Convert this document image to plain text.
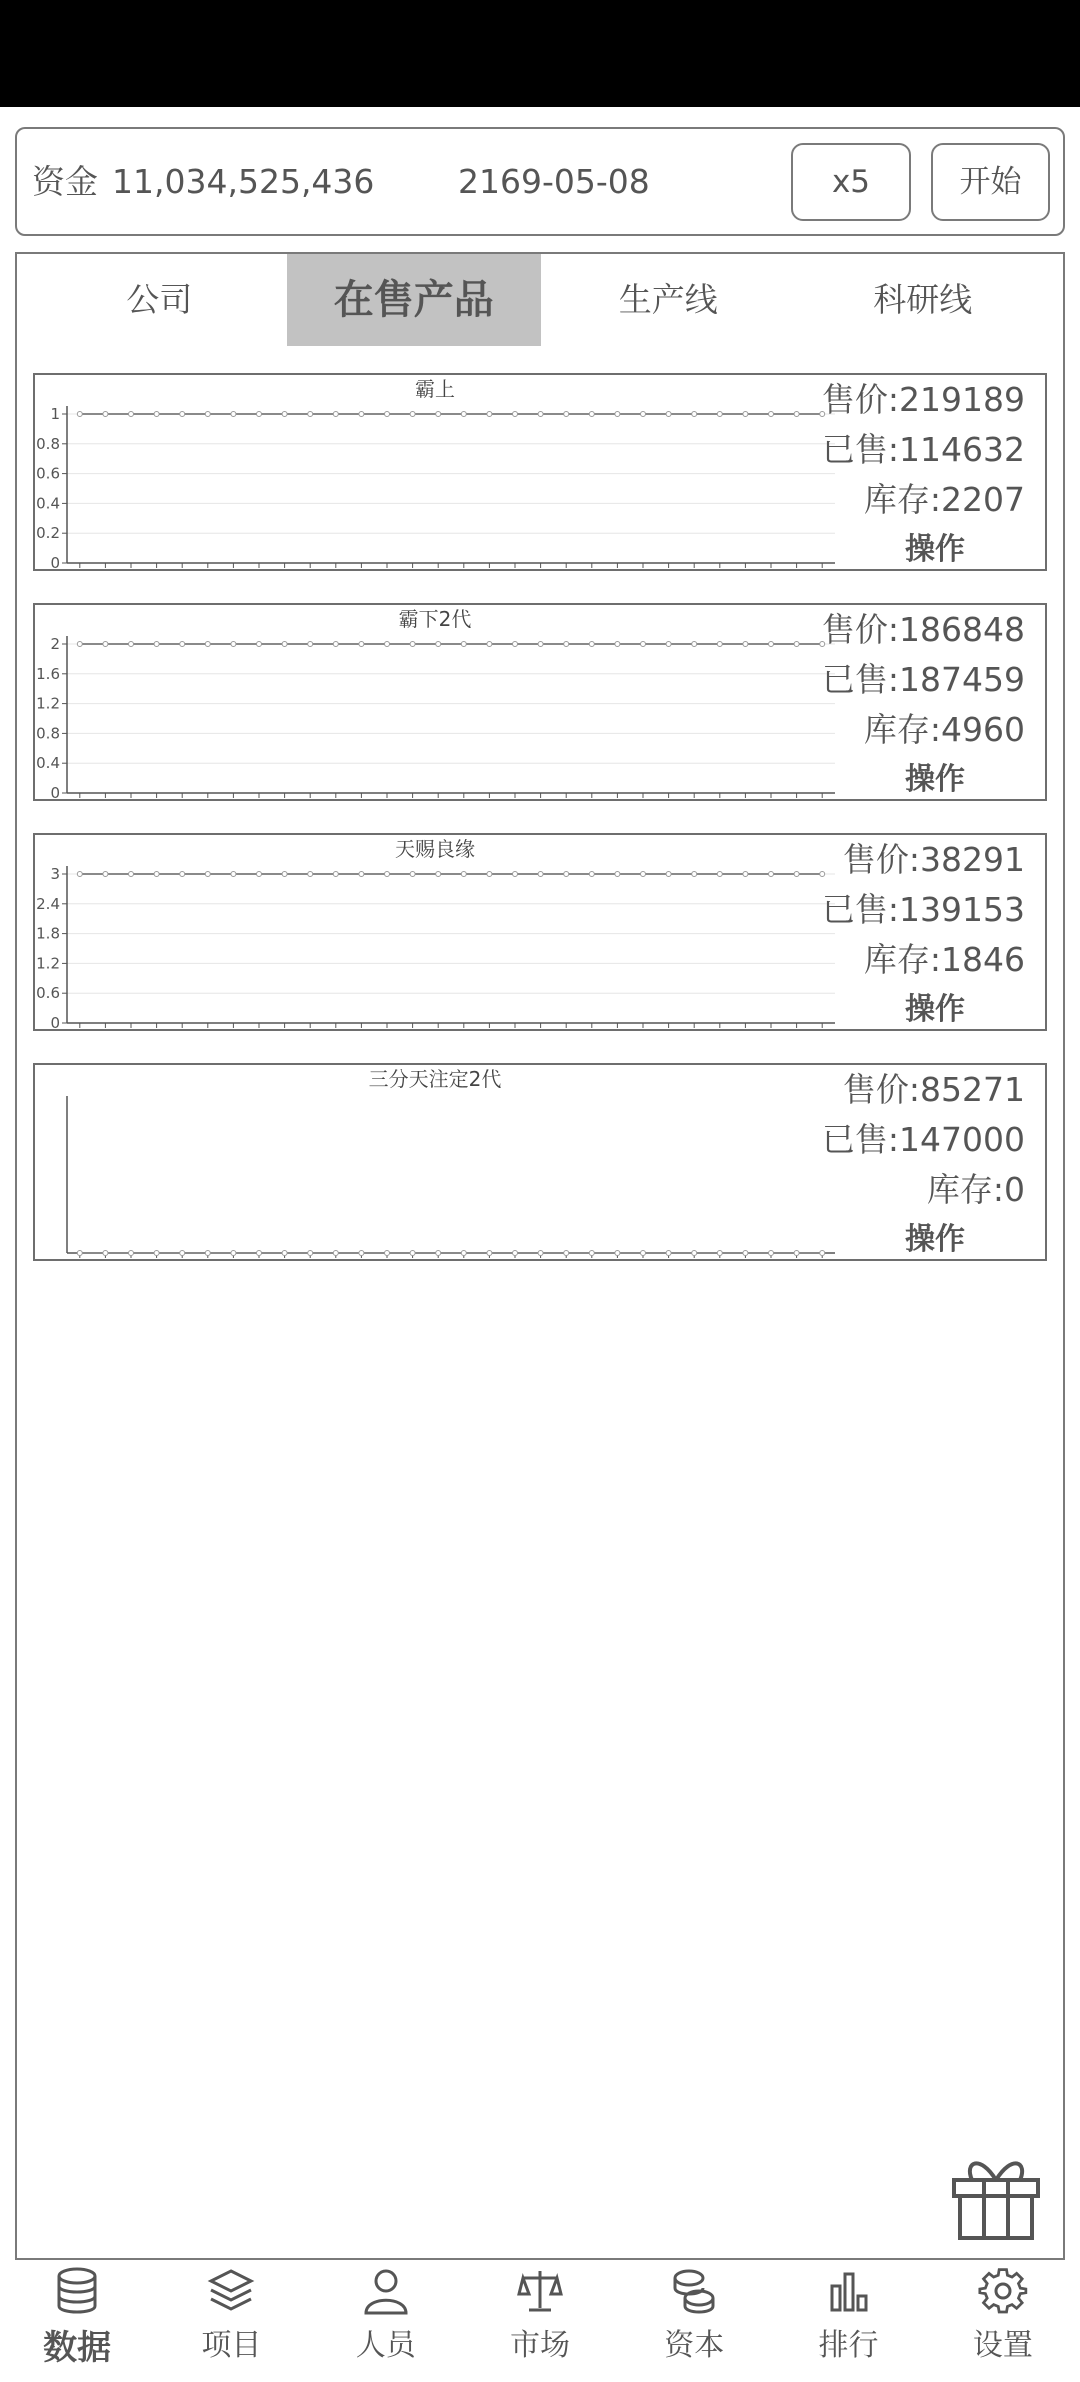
资金 11,034,525,436	2169-05-08	x5	开始
公司	在售产品	生产线	科研线
霸上
0
0.2
0.4
0.6
0.8
1	售价:219189
已售:114632
库存:2207
操作
霸下2代
0
0.4
0.8
1.2
1.6
2	售价:186848
已售:187459
库存:4960
操作
天赐良缘
0
0.6
1.2
1.8
2.4
3	售价:38291
已售:139153
库存:1846
操作
三分天注定2代	售价:85271
已售:147000
库存:0
操作
数据	项目	人员	市场	资本	排行	设置
